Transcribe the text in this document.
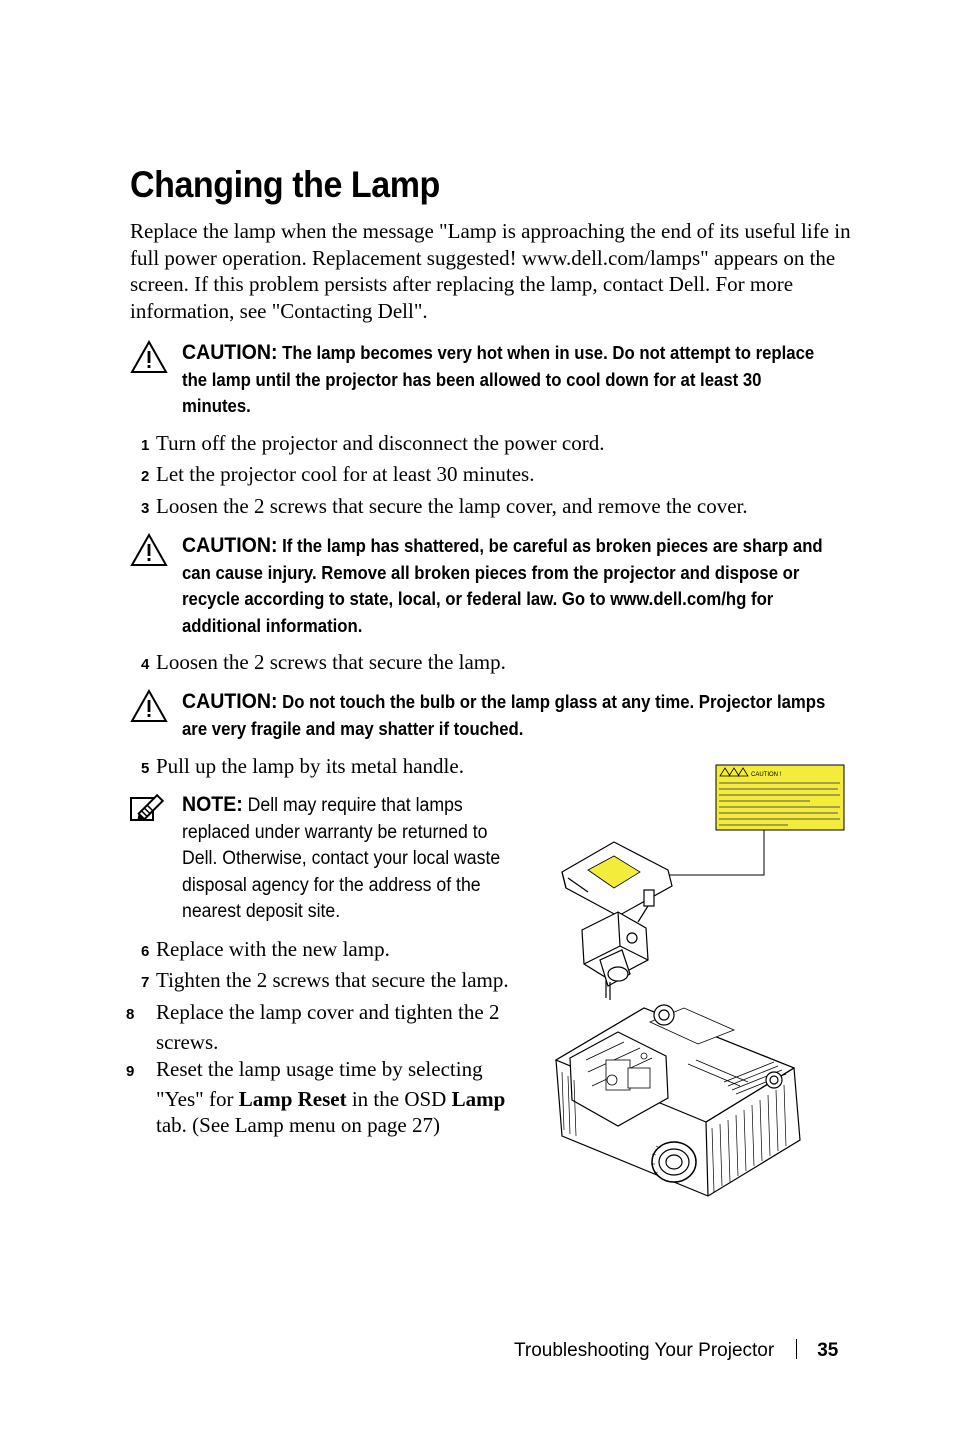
Changing the Lamp

Replace the lamp when the message "Lamp is approaching the end of its useful life in full power operation. Replacement suggested! www.dell.com/lamps" appears on the screen. If this problem persists after replacing the lamp, contact Dell. For more information, see "Contacting Dell".

CAUTION: The lamp becomes very hot when in use. Do not attempt to replace the lamp until the projector has been allowed to cool down for at least 30 minutes.
1 Turn off the projector and disconnect the power cord.
2 Let the projector cool for at least 30 minutes.
3 Loosen the 2 screws that secure the lamp cover, and remove the cover.
CAUTION: If the lamp has shattered, be careful as broken pieces are sharp and can cause injury. Remove all broken pieces from the projector and dispose or recycle according to state, local, or federal law. Go to www.dell.com/hg for additional information.
4 Loosen the 2 screws that secure the lamp.
CAUTION: Do not touch the bulb or the lamp glass at any time. Projector lamps are very fragile and may shatter if touched.
5 Pull up the lamp by its metal handle.
NOTE: Dell may require that lamps replaced under warranty be returned to Dell. Otherwise, contact your local waste disposal agency for the address of the nearest deposit site.
6 Replace with the new lamp.
7 Tighten the 2 screws that secure the lamp.
8 Replace the lamp cover and tighten the 2 screws.
9 Reset the lamp usage time by selecting "Yes" for Lamp Reset in the OSD Lamp tab. (See Lamp menu on page 27)
CAUTION !
Troubleshooting Your Projector 35
